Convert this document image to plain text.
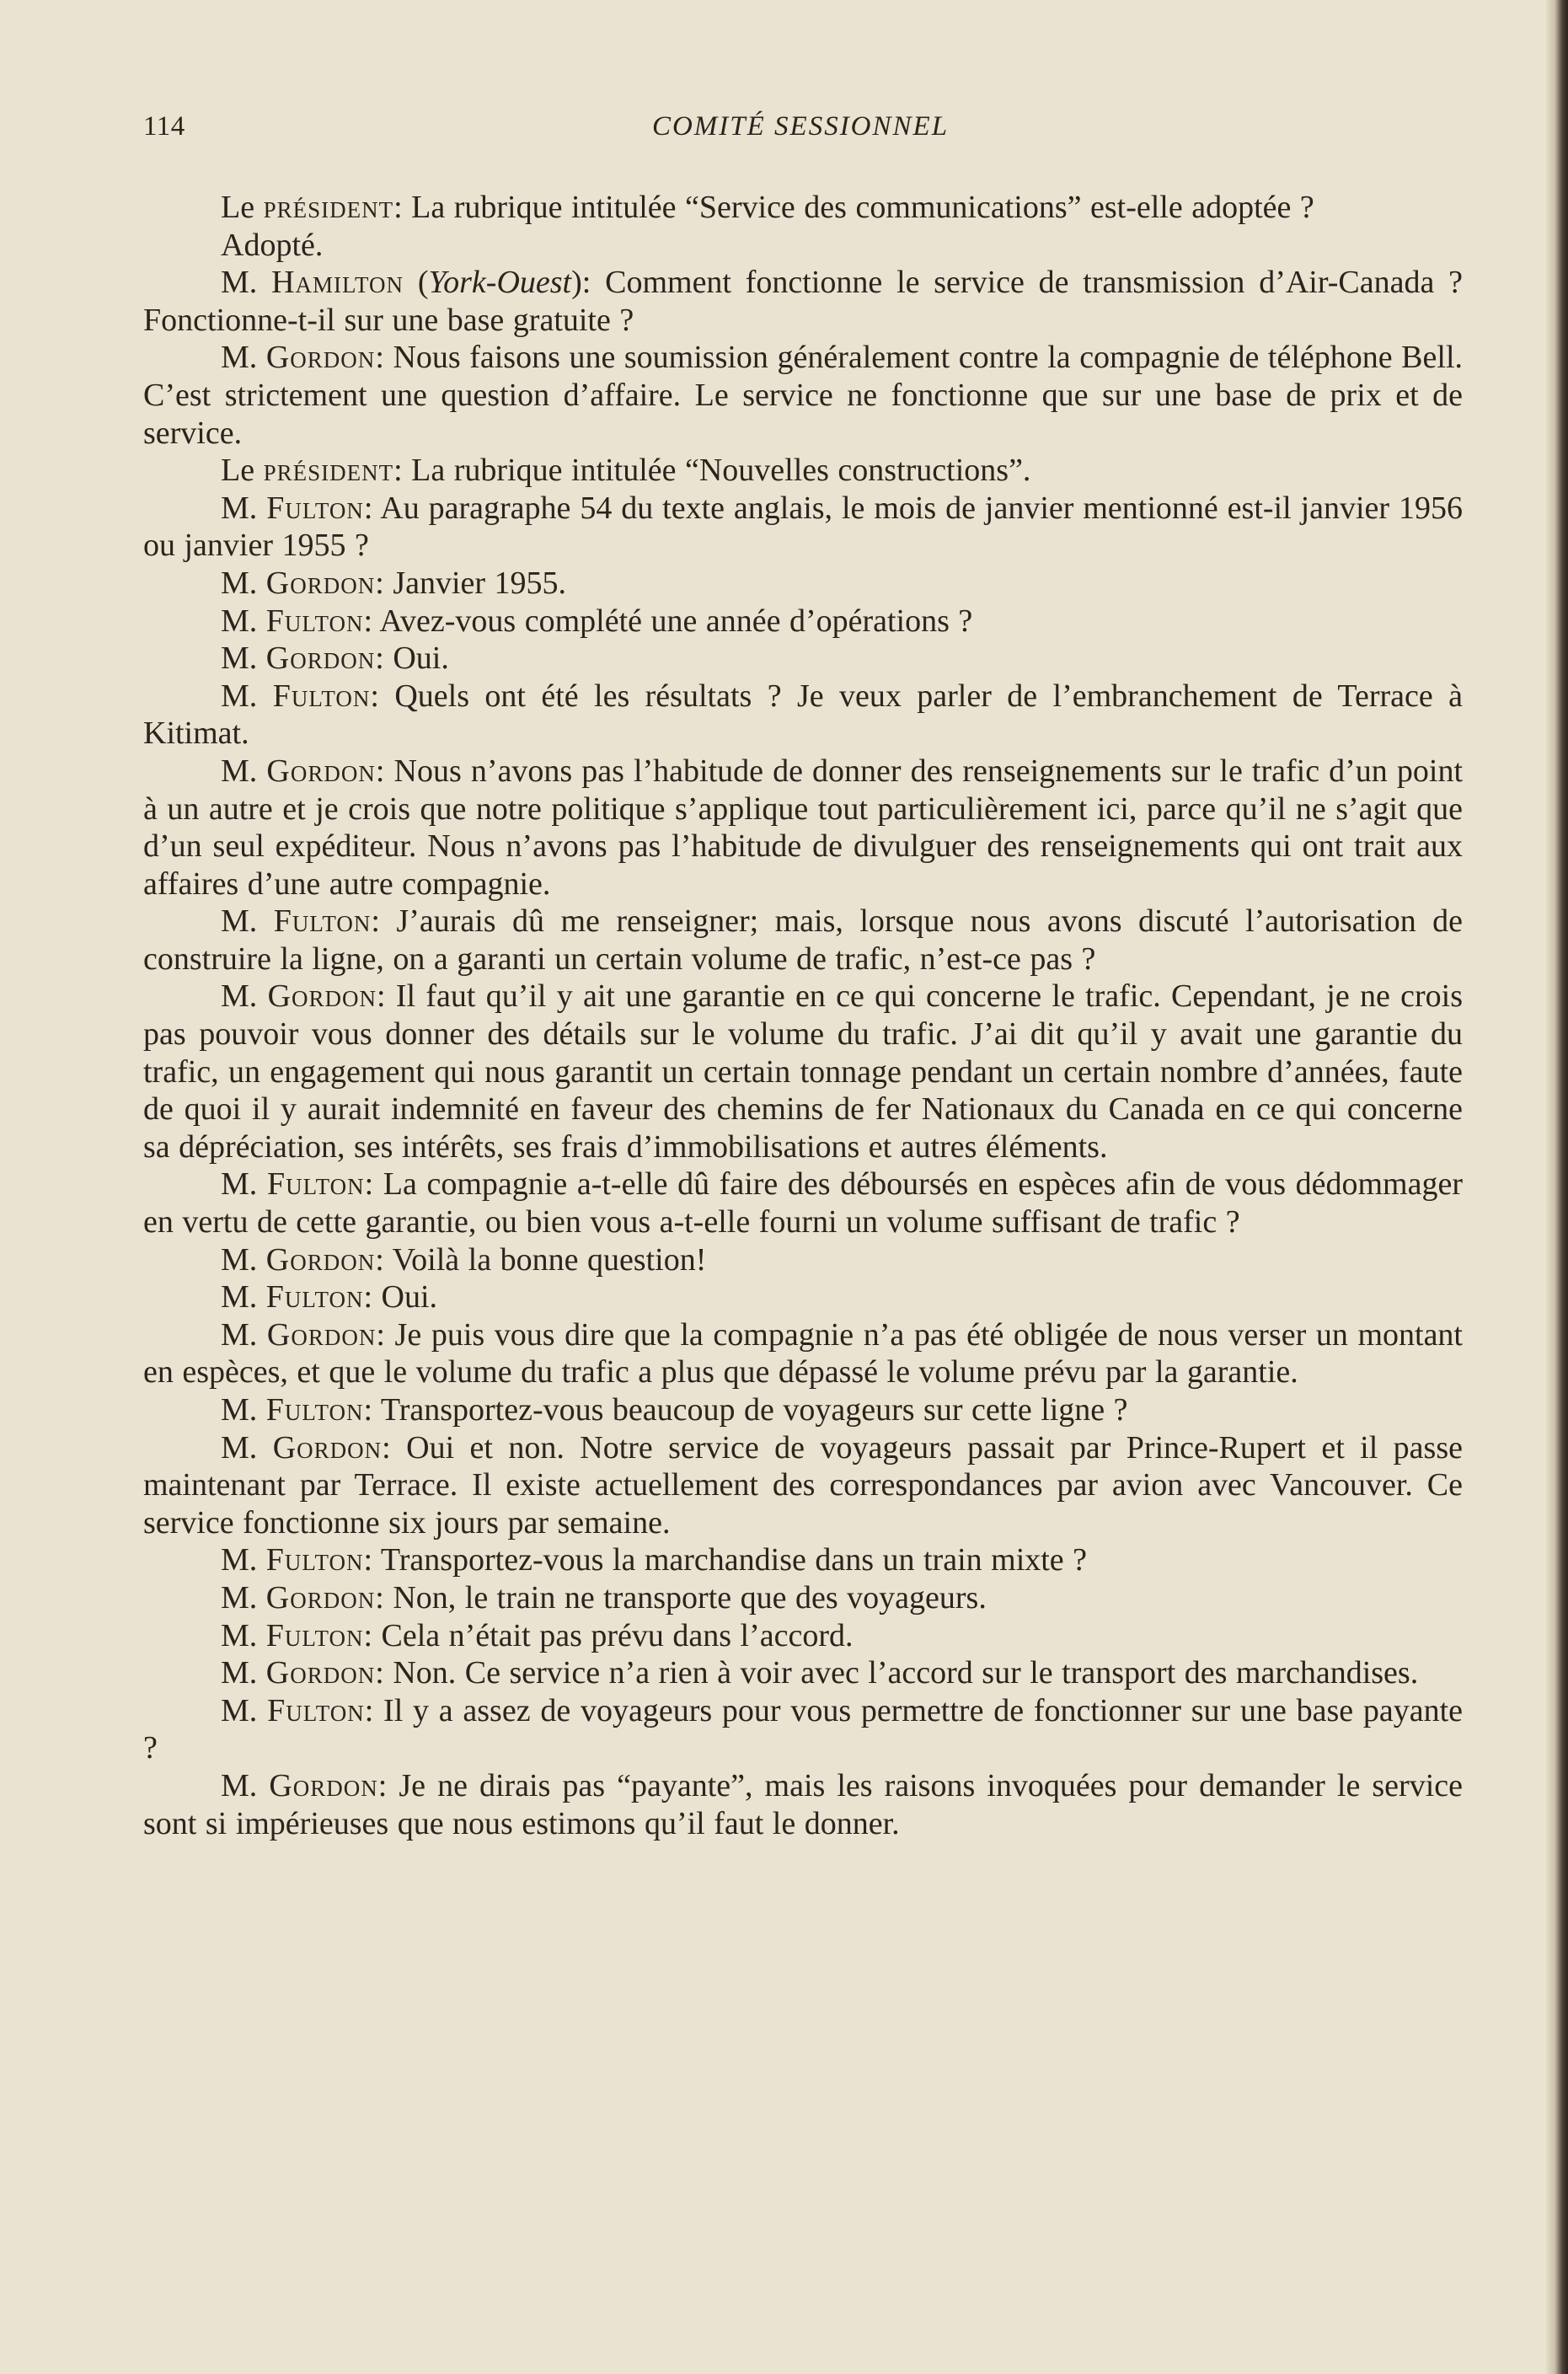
114	COMITÉ SESSIONNEL

Le président: La rubrique intitulée “Service des communications” est-elle adoptée ?

Adopté.

M. Hamilton (York-Ouest): Comment fonctionne le service de transmission d’Air-Canada ? Fonctionne-t-il sur une base gratuite ?

M. Gordon: Nous faisons une soumission généralement contre la compagnie de téléphone Bell. C’est strictement une question d’affaire. Le service ne fonctionne que sur une base de prix et de service.

Le président: La rubrique intitulée “Nouvelles constructions”.

M. Fulton: Au paragraphe 54 du texte anglais, le mois de janvier mentionné est-il janvier 1956 ou janvier 1955 ?

M. Gordon: Janvier 1955.

M. Fulton: Avez-vous complété une année d’opérations ?

M. Gordon: Oui.

M. Fulton: Quels ont été les résultats ? Je veux parler de l’embranchement de Terrace à Kitimat.

M. Gordon: Nous n’avons pas l’habitude de donner des renseignements sur le trafic d’un point à un autre et je crois que notre politique s’applique tout particulièrement ici, parce qu’il ne s’agit que d’un seul expéditeur. Nous n’avons pas l’habitude de divulguer des renseignements qui ont trait aux affaires d’une autre compagnie.

M. Fulton: J’aurais dû me renseigner; mais, lorsque nous avons discuté l’autorisation de construire la ligne, on a garanti un certain volume de trafic, n’est-ce pas ?

M. Gordon: Il faut qu’il y ait une garantie en ce qui concerne le trafic. Cependant, je ne crois pas pouvoir vous donner des détails sur le volume du trafic. J’ai dit qu’il y avait une garantie du trafic, un engagement qui nous garantit un certain tonnage pendant un certain nombre d’années, faute de quoi il y aurait indemnité en faveur des chemins de fer Nationaux du Canada en ce qui concerne sa dépréciation, ses intérêts, ses frais d’immobilisations et autres éléments.

M. Fulton: La compagnie a-t-elle dû faire des déboursés en espèces afin de vous dédommager en vertu de cette garantie, ou bien vous a-t-elle fourni un volume suffisant de trafic ?

M. Gordon: Voilà la bonne question!

M. Fulton: Oui.

M. Gordon: Je puis vous dire que la compagnie n’a pas été obligée de nous verser un montant en espèces, et que le volume du trafic a plus que dépassé le volume prévu par la garantie.

M. Fulton: Transportez-vous beaucoup de voyageurs sur cette ligne ?

M. Gordon: Oui et non. Notre service de voyageurs passait par Prince-Rupert et il passe maintenant par Terrace. Il existe actuellement des correspondances par avion avec Vancouver. Ce service fonctionne six jours par semaine.

M. Fulton: Transportez-vous la marchandise dans un train mixte ?

M. Gordon: Non, le train ne transporte que des voyageurs.

M. Fulton: Cela n’était pas prévu dans l’accord.

M. Gordon: Non. Ce service n’a rien à voir avec l’accord sur le transport des marchandises.

M. Fulton: Il y a assez de voyageurs pour vous permettre de fonctionner sur une base payante ?

M. Gordon: Je ne dirais pas “payante”, mais les raisons invoquées pour demander le service sont si impérieuses que nous estimons qu’il faut le donner.
